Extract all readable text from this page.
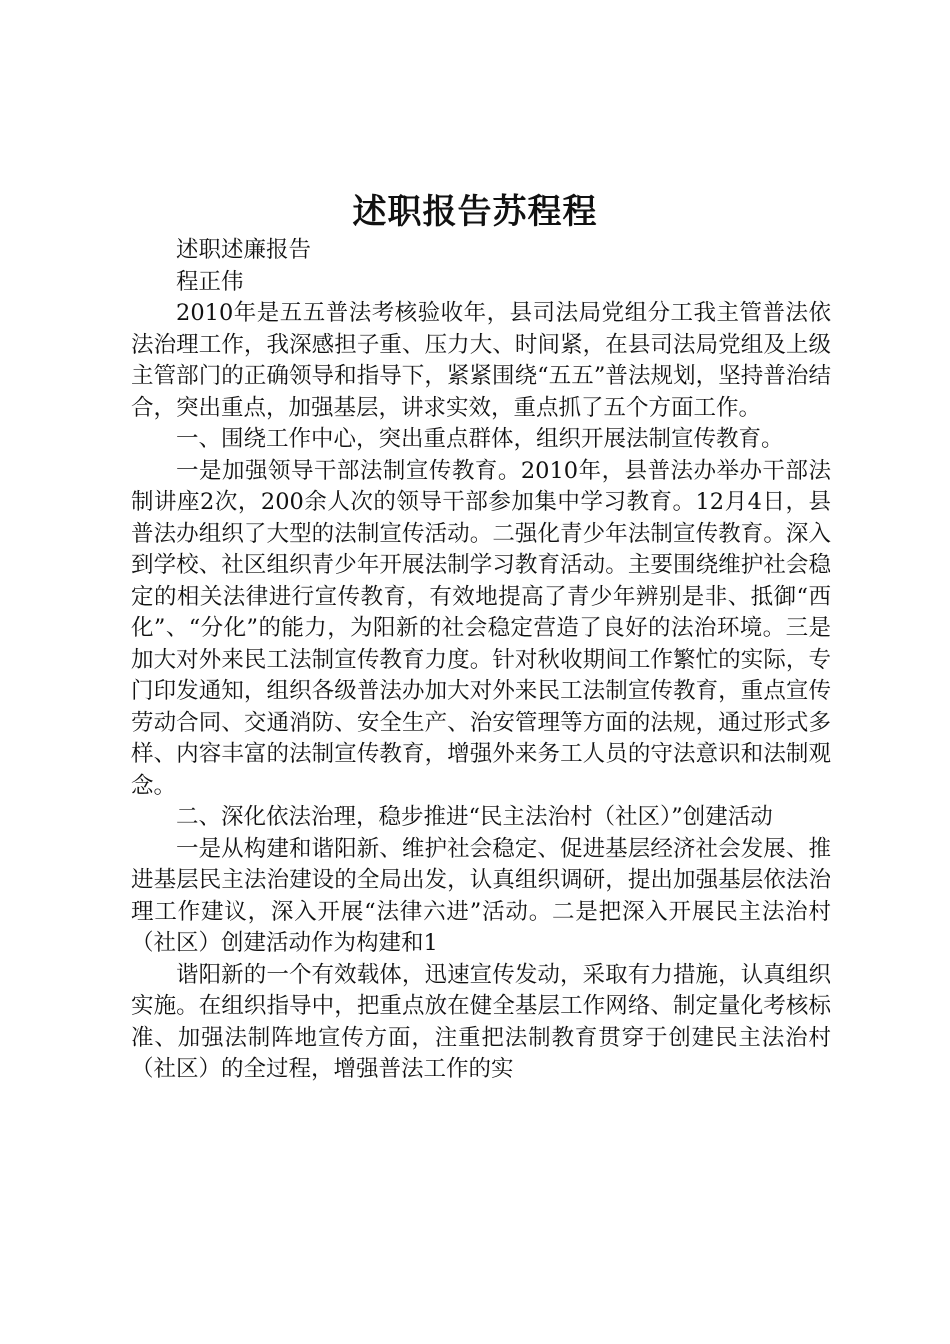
述职报告苏程程

述职述廉报告

程正伟

2010年是五五普法考核验收年，县司法局党组分工我主管普法依法治理工作，我深感担子重、压力大、时间紧，在县司法局党组及上级主管部门的正确领导和指导下，紧紧围绕“五五”普法规划，坚持普治结合，突出重点，加强基层，讲求实效，重点抓了五个方面工作。

一、围绕工作中心，突出重点群体，组织开展法制宣传教育。

一是加强领导干部法制宣传教育。2010年，县普法办举办干部法制讲座2次，200余人次的领导干部参加集中学习教育。12月4日，县普法办组织了大型的法制宣传活动。二强化青少年法制宣传教育。深入到学校、社区组织青少年开展法制学习教育活动。主要围绕维护社会稳定的相关法律进行宣传教育，有效地提高了青少年辨别是非、抵御“西化”、“分化”的能力，为阳新的社会稳定营造了良好的法治环境。三是加大对外来民工法制宣传教育力度。针对秋收期间工作繁忙的实际，专门印发通知，组织各级普法办加大对外来民工法制宣传教育，重点宣传劳动合同、交通消防、安全生产、治安管理等方面的法规，通过形式多样、内容丰富的法制宣传教育，增强外来务工人员的守法意识和法制观念。

二、深化依法治理，稳步推进“民主法治村（社区）”创建活动

一是从构建和谐阳新、维护社会稳定、促进基层经济社会发展、推进基层民主法治建设的全局出发，认真组织调研，提出加强基层依法治理工作建议，深入开展“法律六进”活动。二是把深入开展民主法治村（社区）创建活动作为构建和1

谐阳新的一个有效载体，迅速宣传发动，采取有力措施，认真组织实施。在组织指导中，把重点放在健全基层工作网络、制定量化考核标准、加强法制阵地宣传方面，注重把法制教育贯穿于创建民主法治村（社区）的全过程，增强普法工作的实
